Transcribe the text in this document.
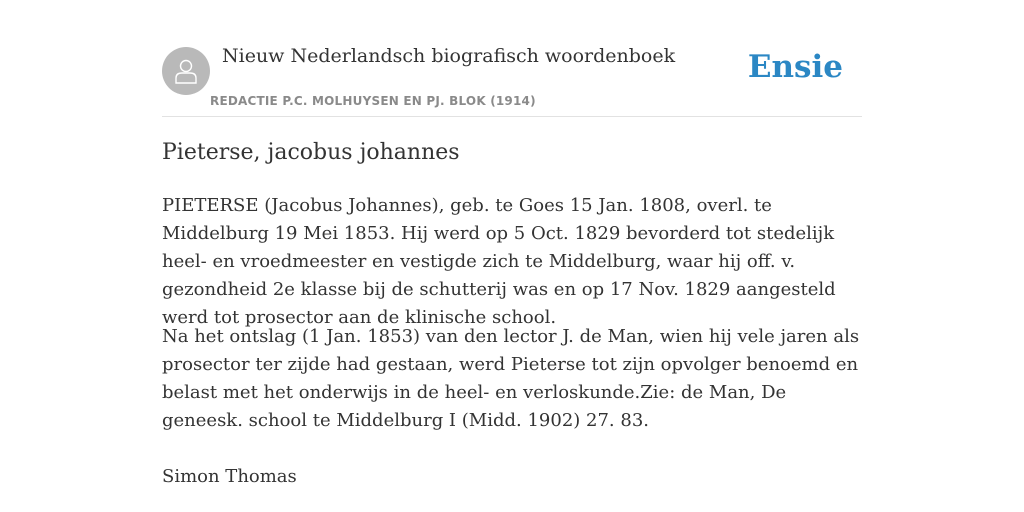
Nieuw Nederlandsch biografisch woordenboek
REDACTIE P.C. MOLHUYSEN EN PJ. BLOK (1914)
Ensie
Pieterse, jacobus johannes

PIETERSE (Jacobus Johannes), geb. te Goes 15 Jan. 1808, overl. te Middelburg 19 Mei 1853. Hij werd op 5 Oct. 1829 bevorderd tot stedelijk heel- en vroedmeester en vestigde zich te Middelburg, waar hij off. v. gezondheid 2e klasse bij de schutterij was en op 17 Nov. 1829 aangesteld werd tot prosector aan de klinische school.

Na het ontslag (1 Jan. 1853) van den lector J. de Man, wien hij vele jaren als prosector ter zijde had gestaan, werd Pieterse tot zijn opvolger benoemd en belast met het onderwijs in de heel- en verloskunde.Zie: de Man, De geneesk. school te Middelburg I (Midd. 1902) 27. 83.

Simon Thomas
